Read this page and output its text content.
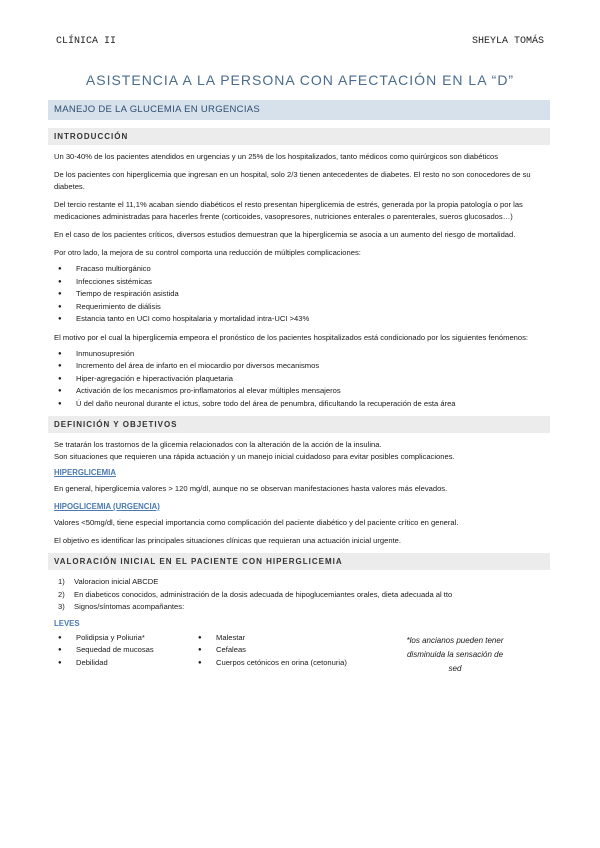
CLÍNICA II	SHEYLA TOMÁS
ASISTENCIA A LA PERSONA CON AFECTACIÓN EN LA “D”
MANEJO DE LA GLUCEMIA EN URGENCIAS
INTRODUCCIÓN

Un 30-40% de los pacientes atendidos en urgencias y un 25% de los hospitalizados, tanto médicos como quirúrgicos son diabéticos

De los pacientes con hiperglicemia que ingresan en un hospital, solo 2/3 tienen antecedentes de diabetes. El resto no son conocedores de su diabetes.

Del tercio restante el 11,1% acaban siendo diabéticos el resto presentan hiperglicemia de estrés, generada por la propia patología o por las medicaciones administradas para hacerles frente (corticoides, vasopresores, nutriciones enterales o parenterales, sueros glucosados…)

En el caso de los pacientes críticos, diversos estudios demuestran que la hiperglicemia se asocia a un aumento del riesgo de mortalidad.

Por otro lado, la mejora de su control comporta una reducción de múltiples complicaciones:

● Fracaso multiorgánico
● Infecciones sistémicas
● Tiempo de respiración asistida
● Requerimiento de diálisis
● Estancia tanto en UCI como hospitalaria y mortalidad intra-UCI >43%

El motivo por el cual la hiperglicemia empeora el pronóstico de los pacientes hospitalizados está condicionado por los siguientes fenómenos:

● Inmunosupresión
● Incremento del área de infarto en el miocardio por diversos mecanismos
● Hiper-agregación e hiperactivación plaquetaria
● Activación de los mecanismos pro-inflamatorios al elevar múltiples mensajeros
● Ú del daño neuronal durante el ictus, sobre todo del área de penumbra, dificultando la recuperación de esta área
DEFINICIÓN Y OBJETIVOS

Se tratarán los trastornos de la glicemia relacionados con la alteración de la acción de la insulina.

Son situaciones que requieren una rápida actuación y un manejo inicial cuidadoso para evitar posibles complicaciones.

HIPERGLICEMIA

En general, hiperglicemia valores > 120 mg/dl, aunque no se observan manifestaciones hasta valores más elevados.

HIPOGLICEMIA (URGENCIA)

Valores <50mg/dl, tiene especial importancia como complicación del paciente diabético y del paciente crítico en general.

El objetivo es identificar las principales situaciones clínicas que requieran una actuación inicial urgente.

VALORACIÓN INICIAL EN EL PACIENTE CON HIPERGLICEMIA
1) Valoracion inicial ABCDE
2) En diabeticos conocidos, administración de la dosis adecuada de hipoglucemiantes orales, dieta adecuada al tto
3) Signos/síntomas acompañantes:
LEVES
● Polidipsia y Poliuria*
● Sequedad de mucosas
● Debilidad
● Malestar
● Cefaleas
● Cuerpos cetónicos en orina (cetonuria)
*los ancianos pueden tener disminuida la sensación de sed
